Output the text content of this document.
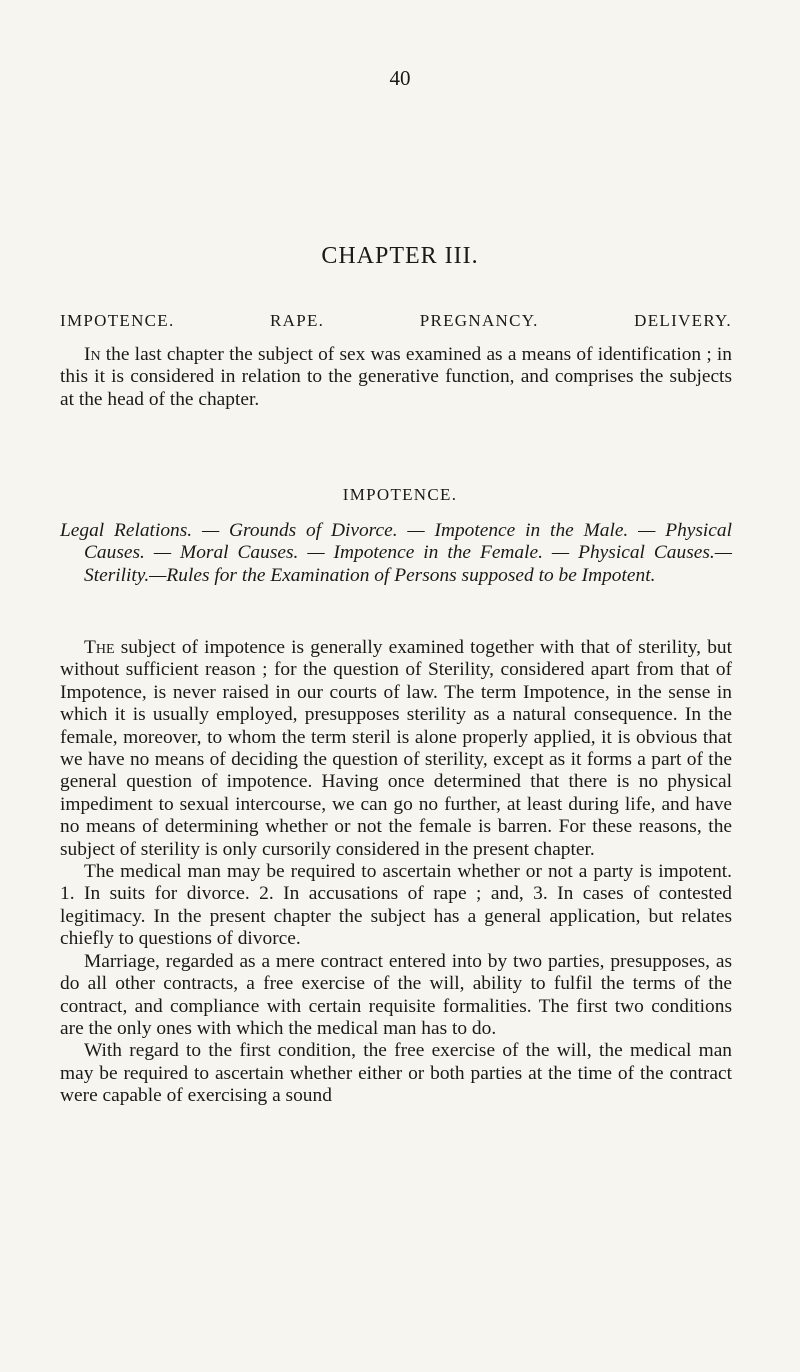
40
CHAPTER III.
IMPOTENCE.	RAPE.	PREGNANCY.	DELIVERY.
In the last chapter the subject of sex was examined as a means of identification ; in this it is considered in relation to the generative function, and comprises the subjects at the head of the chapter.
IMPOTENCE.
Legal Relations. — Grounds of Divorce. — Impotence in the Male. — Physical Causes. — Moral Causes. — Impotence in the Female. — Physical Causes.—Sterility.—Rules for the Examination of Persons supposed to be Impotent.

The subject of impotence is generally examined together with that of sterility, but without sufficient reason ; for the question of Sterility, considered apart from that of Impotence, is never raised in our courts of law. The term Impotence, in the sense in which it is usually employed, presupposes sterility as a natural consequence. In the female, moreover, to whom the term steril is alone properly applied, it is obvious that we have no means of deciding the question of sterility, except as it forms a part of the general question of impotence. Having once determined that there is no physical impediment to sexual intercourse, we can go no further, at least during life, and have no means of determining whether or not the female is barren. For these reasons, the subject of sterility is only cursorily considered in the present chapter.

The medical man may be required to ascertain whether or not a party is impotent. 1. In suits for divorce. 2. In accusations of rape ; and, 3. In cases of contested legitimacy. In the present chapter the subject has a general application, but relates chiefly to questions of divorce.

Marriage, regarded as a mere contract entered into by two parties, presupposes, as do all other contracts, a free exercise of the will, ability to fulfil the terms of the contract, and compliance with certain requisite formalities. The first two conditions are the only ones with which the medical man has to do.

With regard to the first condition, the free exercise of the will, the medical man may be required to ascertain whether either or both parties at the time of the contract were capable of exercising a sound
